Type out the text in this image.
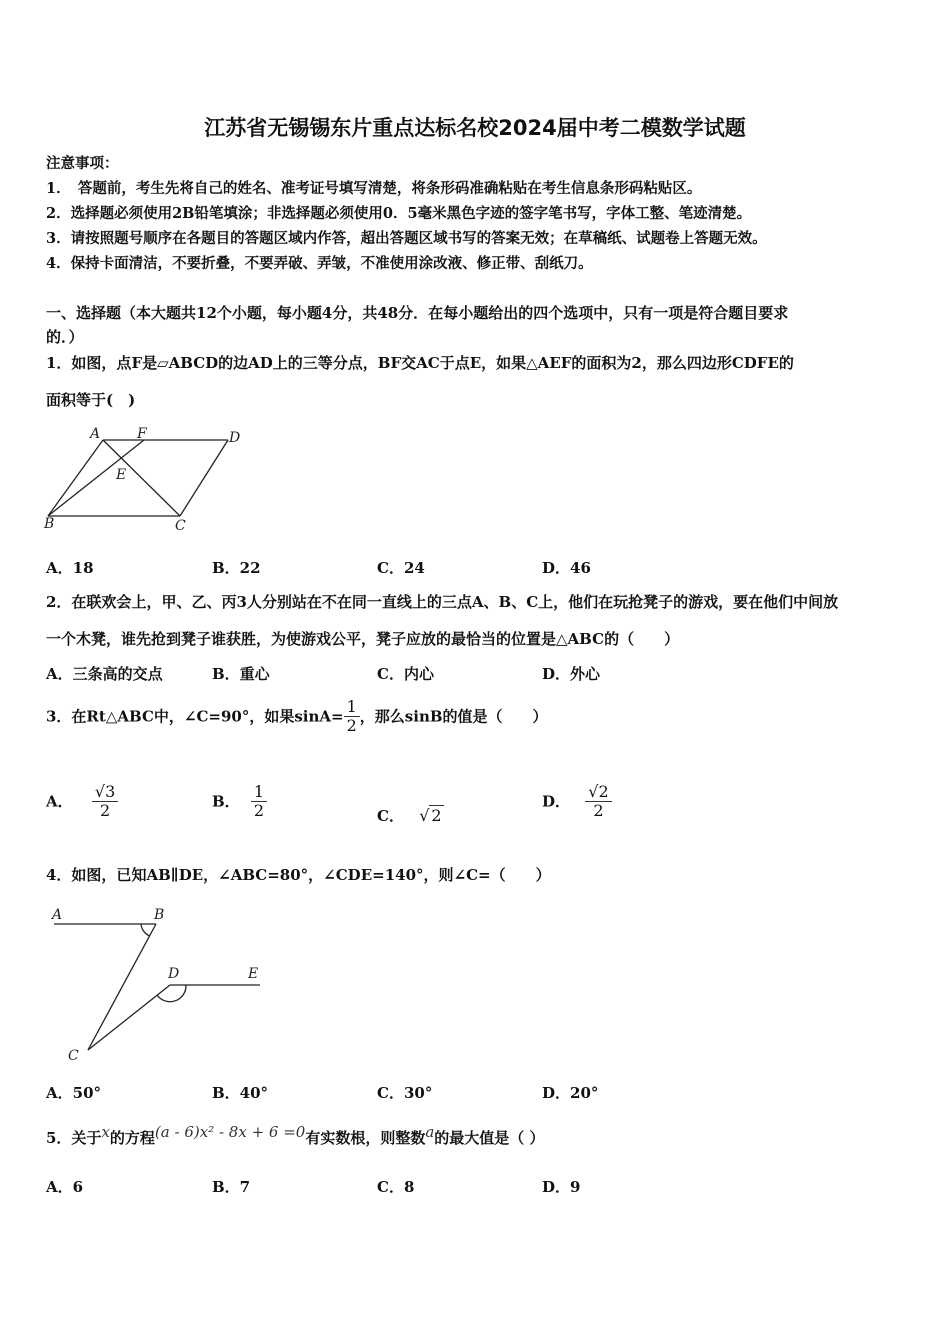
江苏省无锡锡东片重点达标名校2024届中考二模数学试题
注意事项：
1．　答题前，考生先将自己的姓名、准考证号填写清楚，将条形码准确粘贴在考生信息条形码粘贴区。
2．选择题必须使用2B铅笔填涂；非选择题必须使用0．5毫米黑色字迹的签字笔书写，字体工整、笔迹清楚。
3．请按照题号顺序在各题目的答题区域内作答，超出答题区域书写的答案无效；在草稿纸、试题卷上答题无效。
4．保持卡面清洁，不要折叠，不要弄破、弄皱，不准使用涂改液、修正带、刮纸刀。
一、选择题（本大题共12个小题，每小题4分，共48分．在每小题给出的四个选项中，只有一项是符合题目要求
的．）
1．如图，点F是▱ABCD的边AD上的三等分点，BF交AC于点E，如果△AEF的面积为2，那么四边形CDFE的
面积等于(　)
A	F	D
E
B	C
A．18	B．22	C．24	D．46
2．在联欢会上，甲、乙、丙3人分别站在不在同一直线上的三点A、B、C上，他们在玩抢凳子的游戏，要在他们中间放
一个木凳，谁先抢到凳子谁获胜，为使游戏公平，凳子应放的最恰当的位置是△ABC的（　　）
A．三条高的交点	B．重心	C．内心	D．外心
3．在Rt△ABC中，∠C=90°，如果$\sin A= \frac{1}{2}$ ，那么sinB的值是（　　）
A． $\frac{√3}{2}$	B． $\frac{1}{2}$	C． √ 2
D． $\frac{√2}{2}$
4．如图，已知AB∥DE，∠ABC=80°，∠CDE=140°，则∠C=（　　）
A	B
D	E
C
A．50°	B．40°	C．30°	D．20°
5．关于x的方程(a - 6)x² - 8x + 6 =0有实数根，则整数a的最大值是（ ）
A．6	B．7	C．8	D．9
